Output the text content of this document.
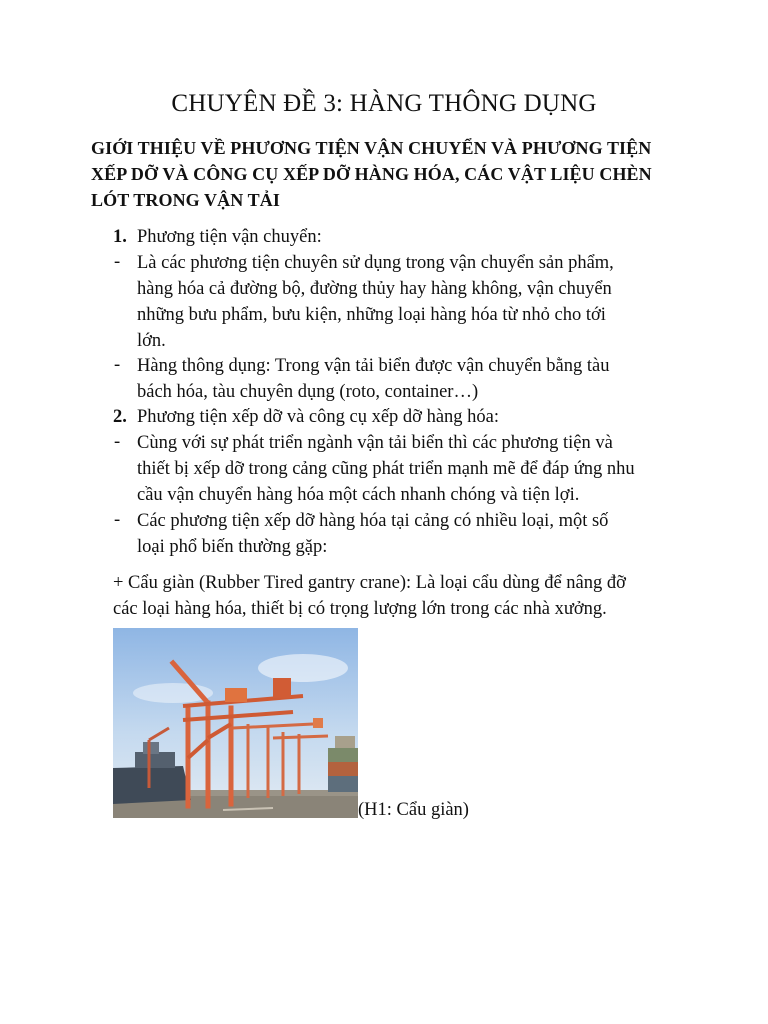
CHUYÊN ĐỀ 3: HÀNG THÔNG DỤNG
GIỚI THIỆU VỀ PHƯƠNG TIỆN VẬN CHUYỂN VÀ PHƯƠNG TIỆN XẾP DỠ VÀ CÔNG CỤ XẾP DỠ HÀNG HÓA, CÁC VẬT LIỆU CHÈN LÓT TRONG VẬN TẢI
1. Phương tiện vận chuyển:
- Là các phương tiện chuyên sử dụng trong vận chuyển sản phẩm,
hàng hóa cả đường bộ, đường thủy hay hàng không, vận chuyển
những bưu phẩm, bưu kiện, những loại hàng hóa từ nhỏ cho tới
lớn.
- Hàng thông dụng: Trong vận tải biển được vận chuyển bằng tàu
bách hóa, tàu chuyên dụng (roto, container…)
2. Phương tiện xếp dỡ và công cụ xếp dỡ hàng hóa:
- Cùng với sự phát triển ngành vận tải biển thì các phương tiện và
thiết bị xếp dỡ trong cảng cũng phát triển mạnh mẽ để đáp ứng nhu
cầu vận chuyển hàng hóa một cách nhanh chóng và tiện lợi.
- Các phương tiện xếp dỡ hàng hóa tại cảng có nhiều loại, một số
loại phổ biến thường gặp:
+ Cẩu giàn (Rubber Tired gantry crane): Là loại cẩu dùng để nâng đỡ
các loại hàng hóa, thiết bị có trọng lượng lớn trong các nhà xưởng.
(H1: Cẩu giàn)
